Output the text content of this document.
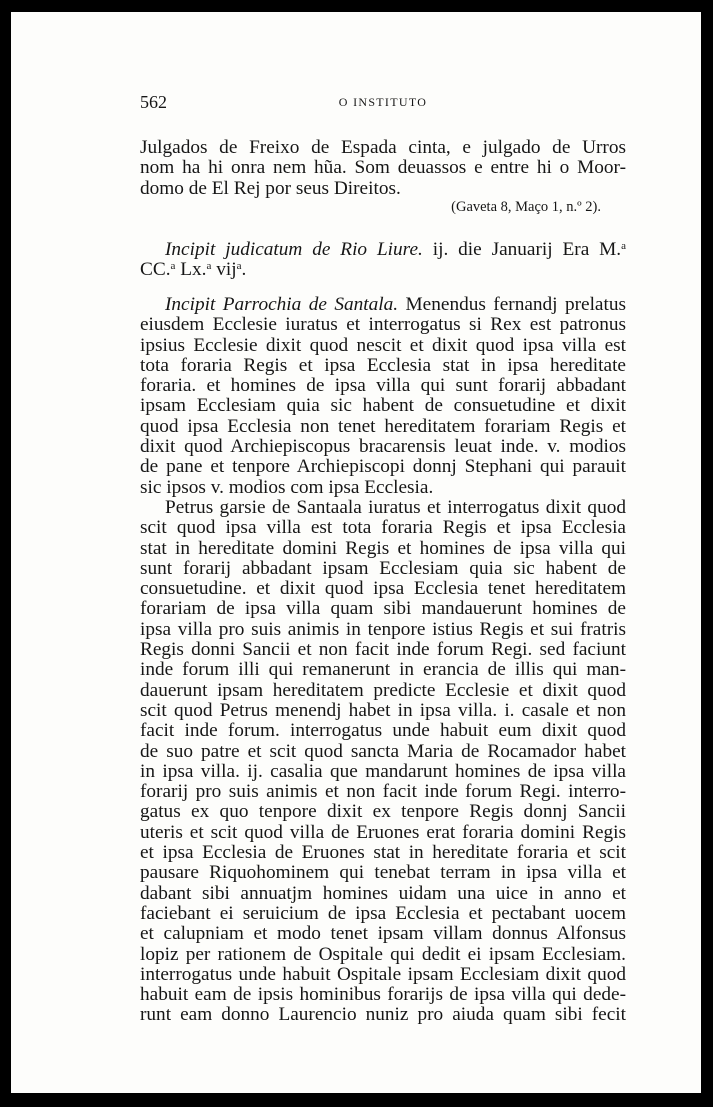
562	O INSTITUTO
Julgados de Freixo de Espada cinta, e julgado de Urros
nom ha hi onra nem hũa. Som deuassos e entre hi o Moor-
domo de El Rej por seus Direitos.
(Gaveta 8, Maço 1, n.º 2).
Incipit judicatum de Rio Liure. ij. die Januarij Era M.$^a$
CC.$^a$ Lx.$^a$ vij$^a$.
Incipit Parrochia de Santala. Menendus fernandj prelatus
eiusdem Ecclesie iuratus et interrogatus si Rex est patronus
ipsius Ecclesie dixit quod nescit et dixit quod ipsa villa est
tota foraria Regis et ipsa Ecclesia stat in ipsa hereditate
foraria. et homines de ipsa villa qui sunt forarij abbadant
ipsam Ecclesiam quia sic habent de consuetudine et dixit
quod ipsa Ecclesia non tenet hereditatem forariam Regis et
dixit quod Archiepiscopus bracarensis leuat inde. v. modios
de pane et tenpore Archiepiscopi donnj Stephani qui parauit
sic ipsos v. modios com ipsa Ecclesia.
Petrus garsie de Santaala iuratus et interrogatus dixit quod
scit quod ipsa villa est tota foraria Regis et ipsa Ecclesia
stat in hereditate domini Regis et homines de ipsa villa qui
sunt forarij abbadant ipsam Ecclesiam quia sic habent de
consuetudine. et dixit quod ipsa Ecclesia tenet hereditatem
forariam de ipsa villa quam sibi mandauerunt homines de
ipsa villa pro suis animis in tenpore istius Regis et sui fratris
Regis donni Sancii et non facit inde forum Regi. sed faciunt
inde forum illi qui remanerunt in erancia de illis qui man-
dauerunt ipsam hereditatem predicte Ecclesie et dixit quod
scit quod Petrus menendj habet in ipsa villa. i. casale et non
facit inde forum. interrogatus unde habuit eum dixit quod
de suo patre et scit quod sancta Maria de Rocamador habet
in ipsa villa. ij. casalia que mandarunt homines de ipsa villa
forarij pro suis animis et non facit inde forum Regi. interro-
gatus ex quo tenpore dixit ex tenpore Regis donnj Sancii
uteris et scit quod villa de Eruones erat foraria domini Regis
et ipsa Ecclesia de Eruones stat in hereditate foraria et scit
pausare Riquohominem qui tenebat terram in ipsa villa et
dabant sibi annuatjm homines uidam una uice in anno et
faciebant ei seruicium de ipsa Ecclesia et pectabant uocem
et calupniam et modo tenet ipsam villam donnus Alfonsus
lopiz per rationem de Ospitale qui dedit ei ipsam Ecclesiam.
interrogatus unde habuit Ospitale ipsam Ecclesiam dixit quod
habuit eam de ipsis hominibus forarijs de ipsa villa qui dede-
runt eam donno Laurencio nuniz pro aiuda quam sibi fecit
